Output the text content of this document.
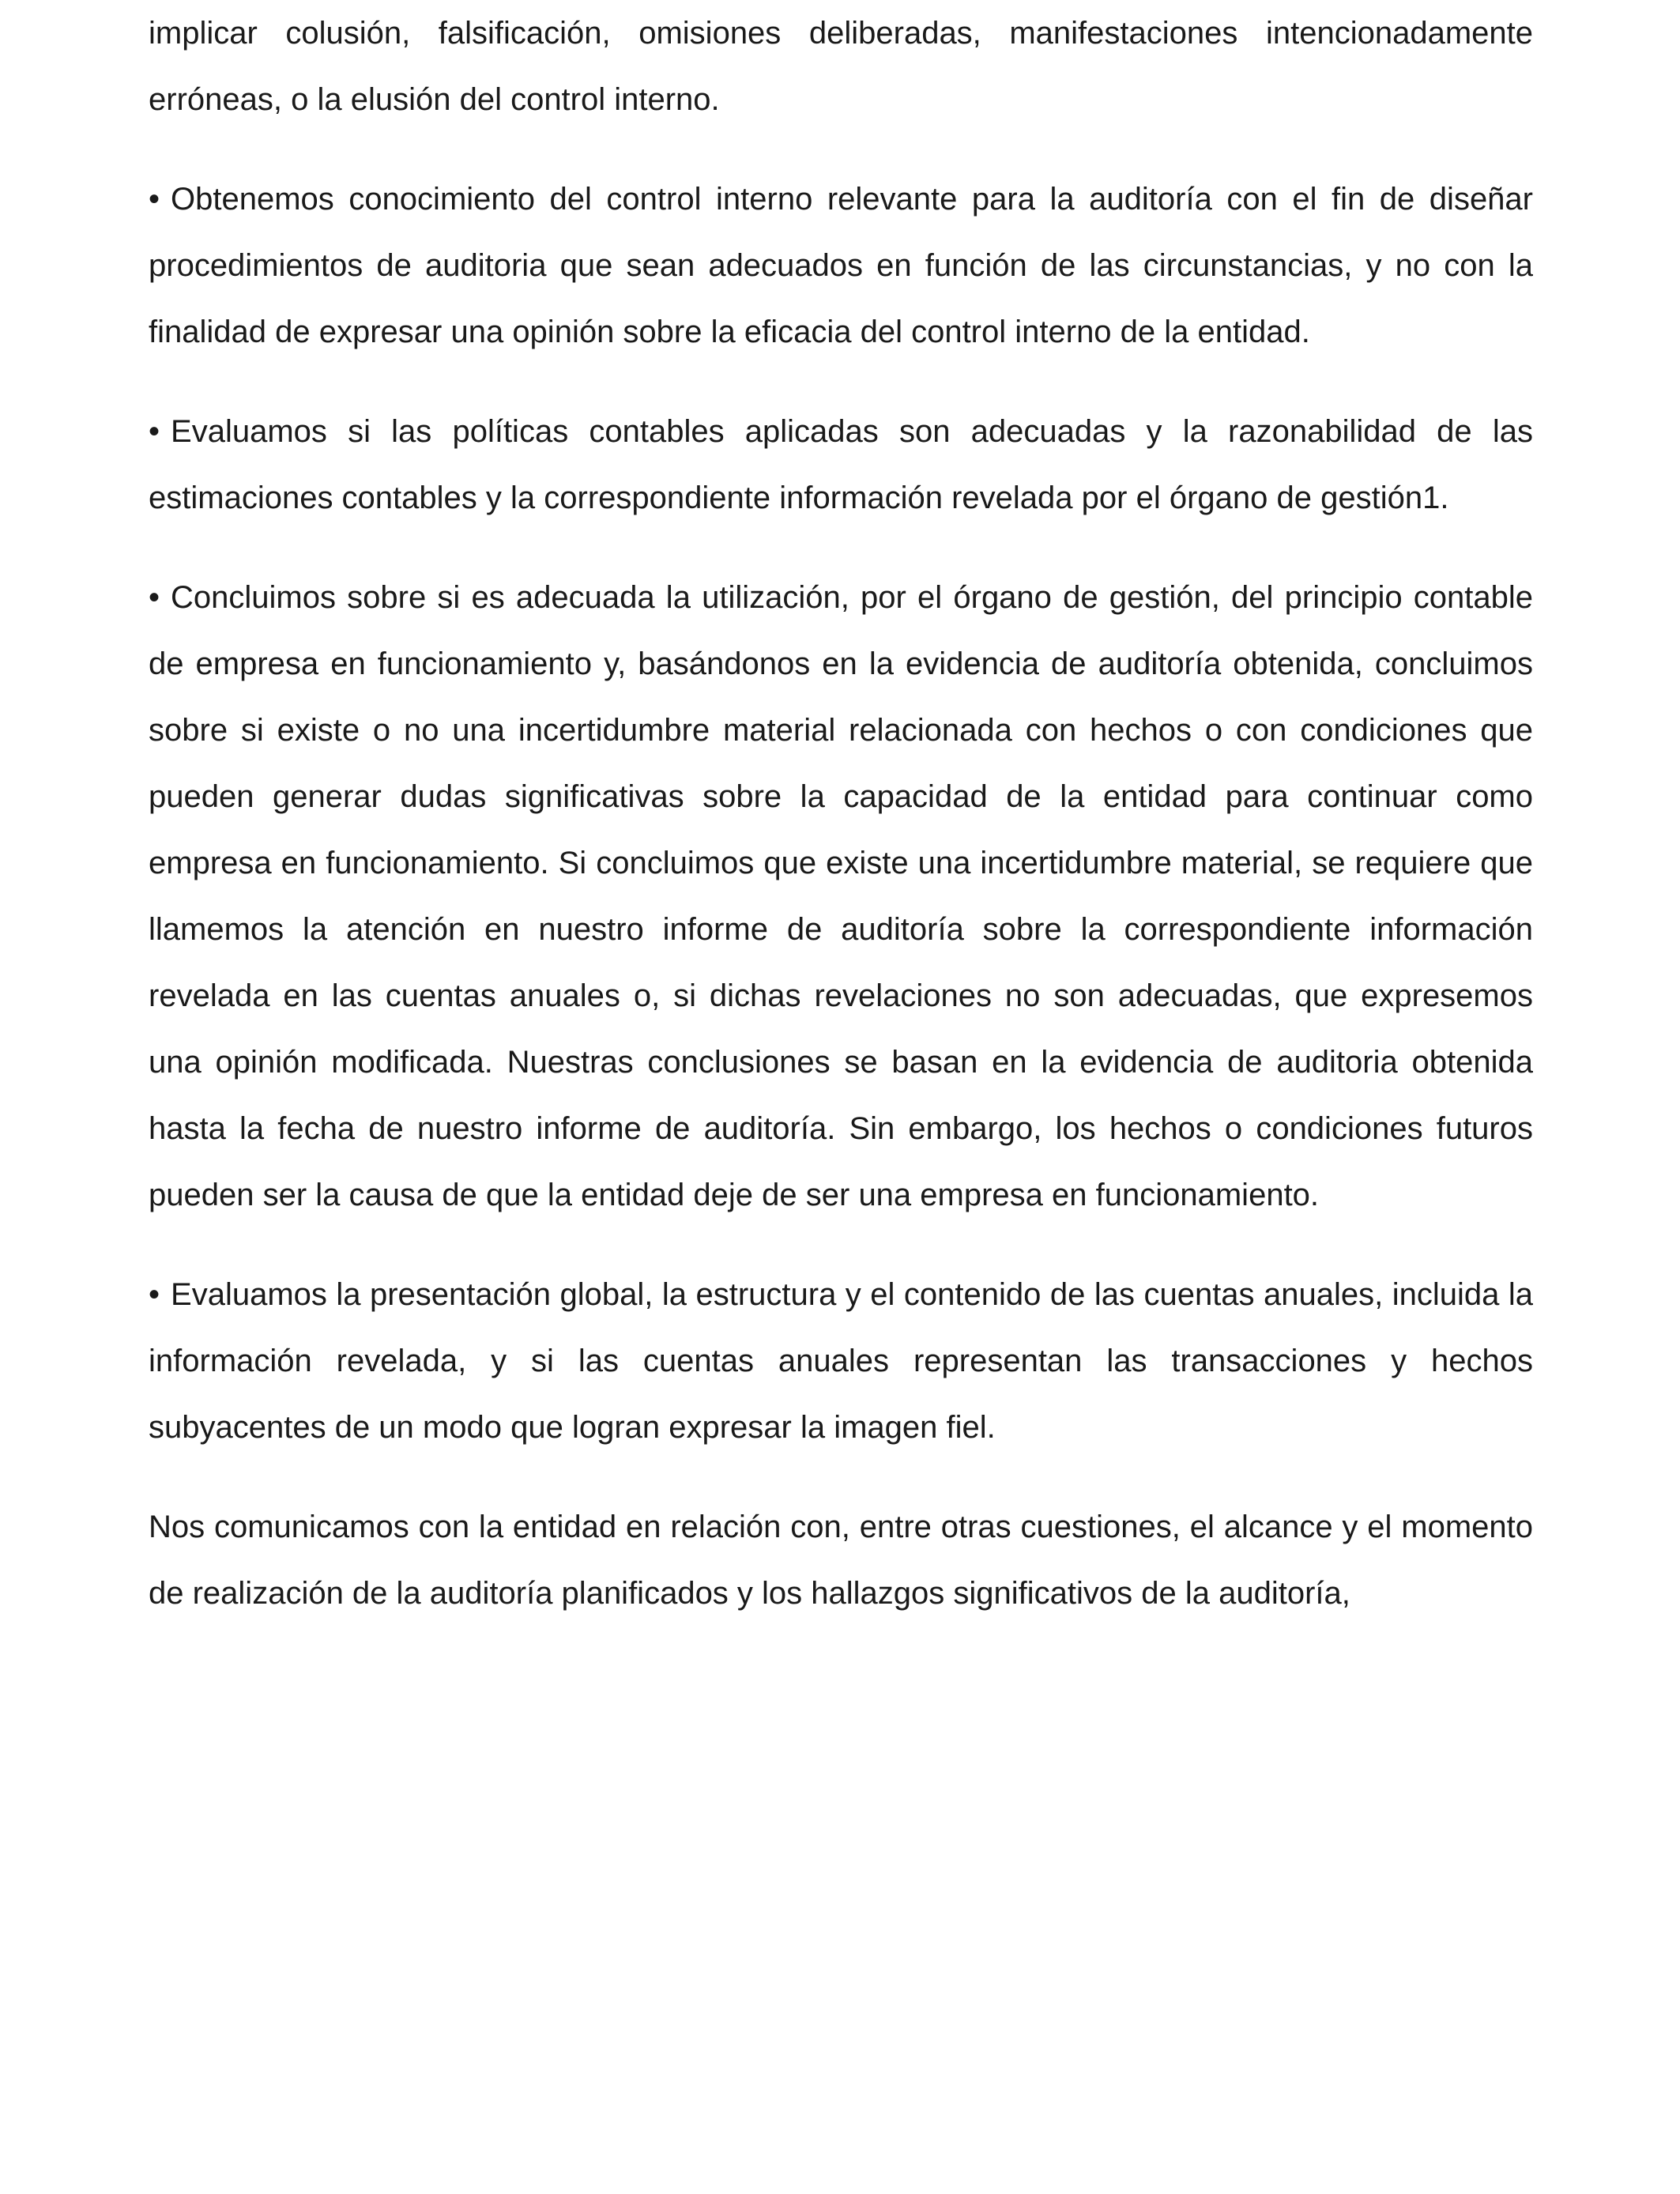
implicar colusión, falsificación, omisiones deliberadas, manifestaciones intencionadamente erróneas, o la elusión del control interno.

• Obtenemos conocimiento del control interno relevante para la auditoría con el fin de diseñar procedimientos de auditoria que sean adecuados en función de las circunstancias, y no con la finalidad de expresar una opinión sobre la eficacia del control interno de la entidad.

• Evaluamos si las políticas contables aplicadas son adecuadas y la razonabilidad de las estimaciones contables y la correspondiente información revelada por el órgano de gestión1.

• Concluimos sobre si es adecuada la utilización, por el órgano de gestión, del principio contable de empresa en funcionamiento y, basándonos en la evidencia de auditoría obtenida, concluimos sobre si existe o no una incertidumbre material relacionada con hechos o con condiciones que pueden generar dudas significativas sobre la capacidad de la entidad para continuar como empresa en funcionamiento. Si concluimos que existe una incertidumbre material, se requiere que llamemos la atención en nuestro informe de auditoría sobre la correspondiente información revelada en las cuentas anuales o, si dichas revelaciones no son adecuadas, que expresemos una opinión modificada. Nuestras conclusiones se basan en la evidencia de auditoria obtenida hasta la fecha de nuestro informe de auditoría. Sin embargo, los hechos o condiciones futuros pueden ser la causa de que la entidad deje de ser una empresa en funcionamiento.

• Evaluamos la presentación global, la estructura y el contenido de las cuentas anuales, incluida la información revelada, y si las cuentas anuales representan las transacciones y hechos subyacentes de un modo que logran expresar la imagen fiel.

Nos comunicamos con la entidad en relación con, entre otras cuestiones, el alcance y el momento de realización de la auditoría planificados y los hallazgos significativos de la auditoría,
